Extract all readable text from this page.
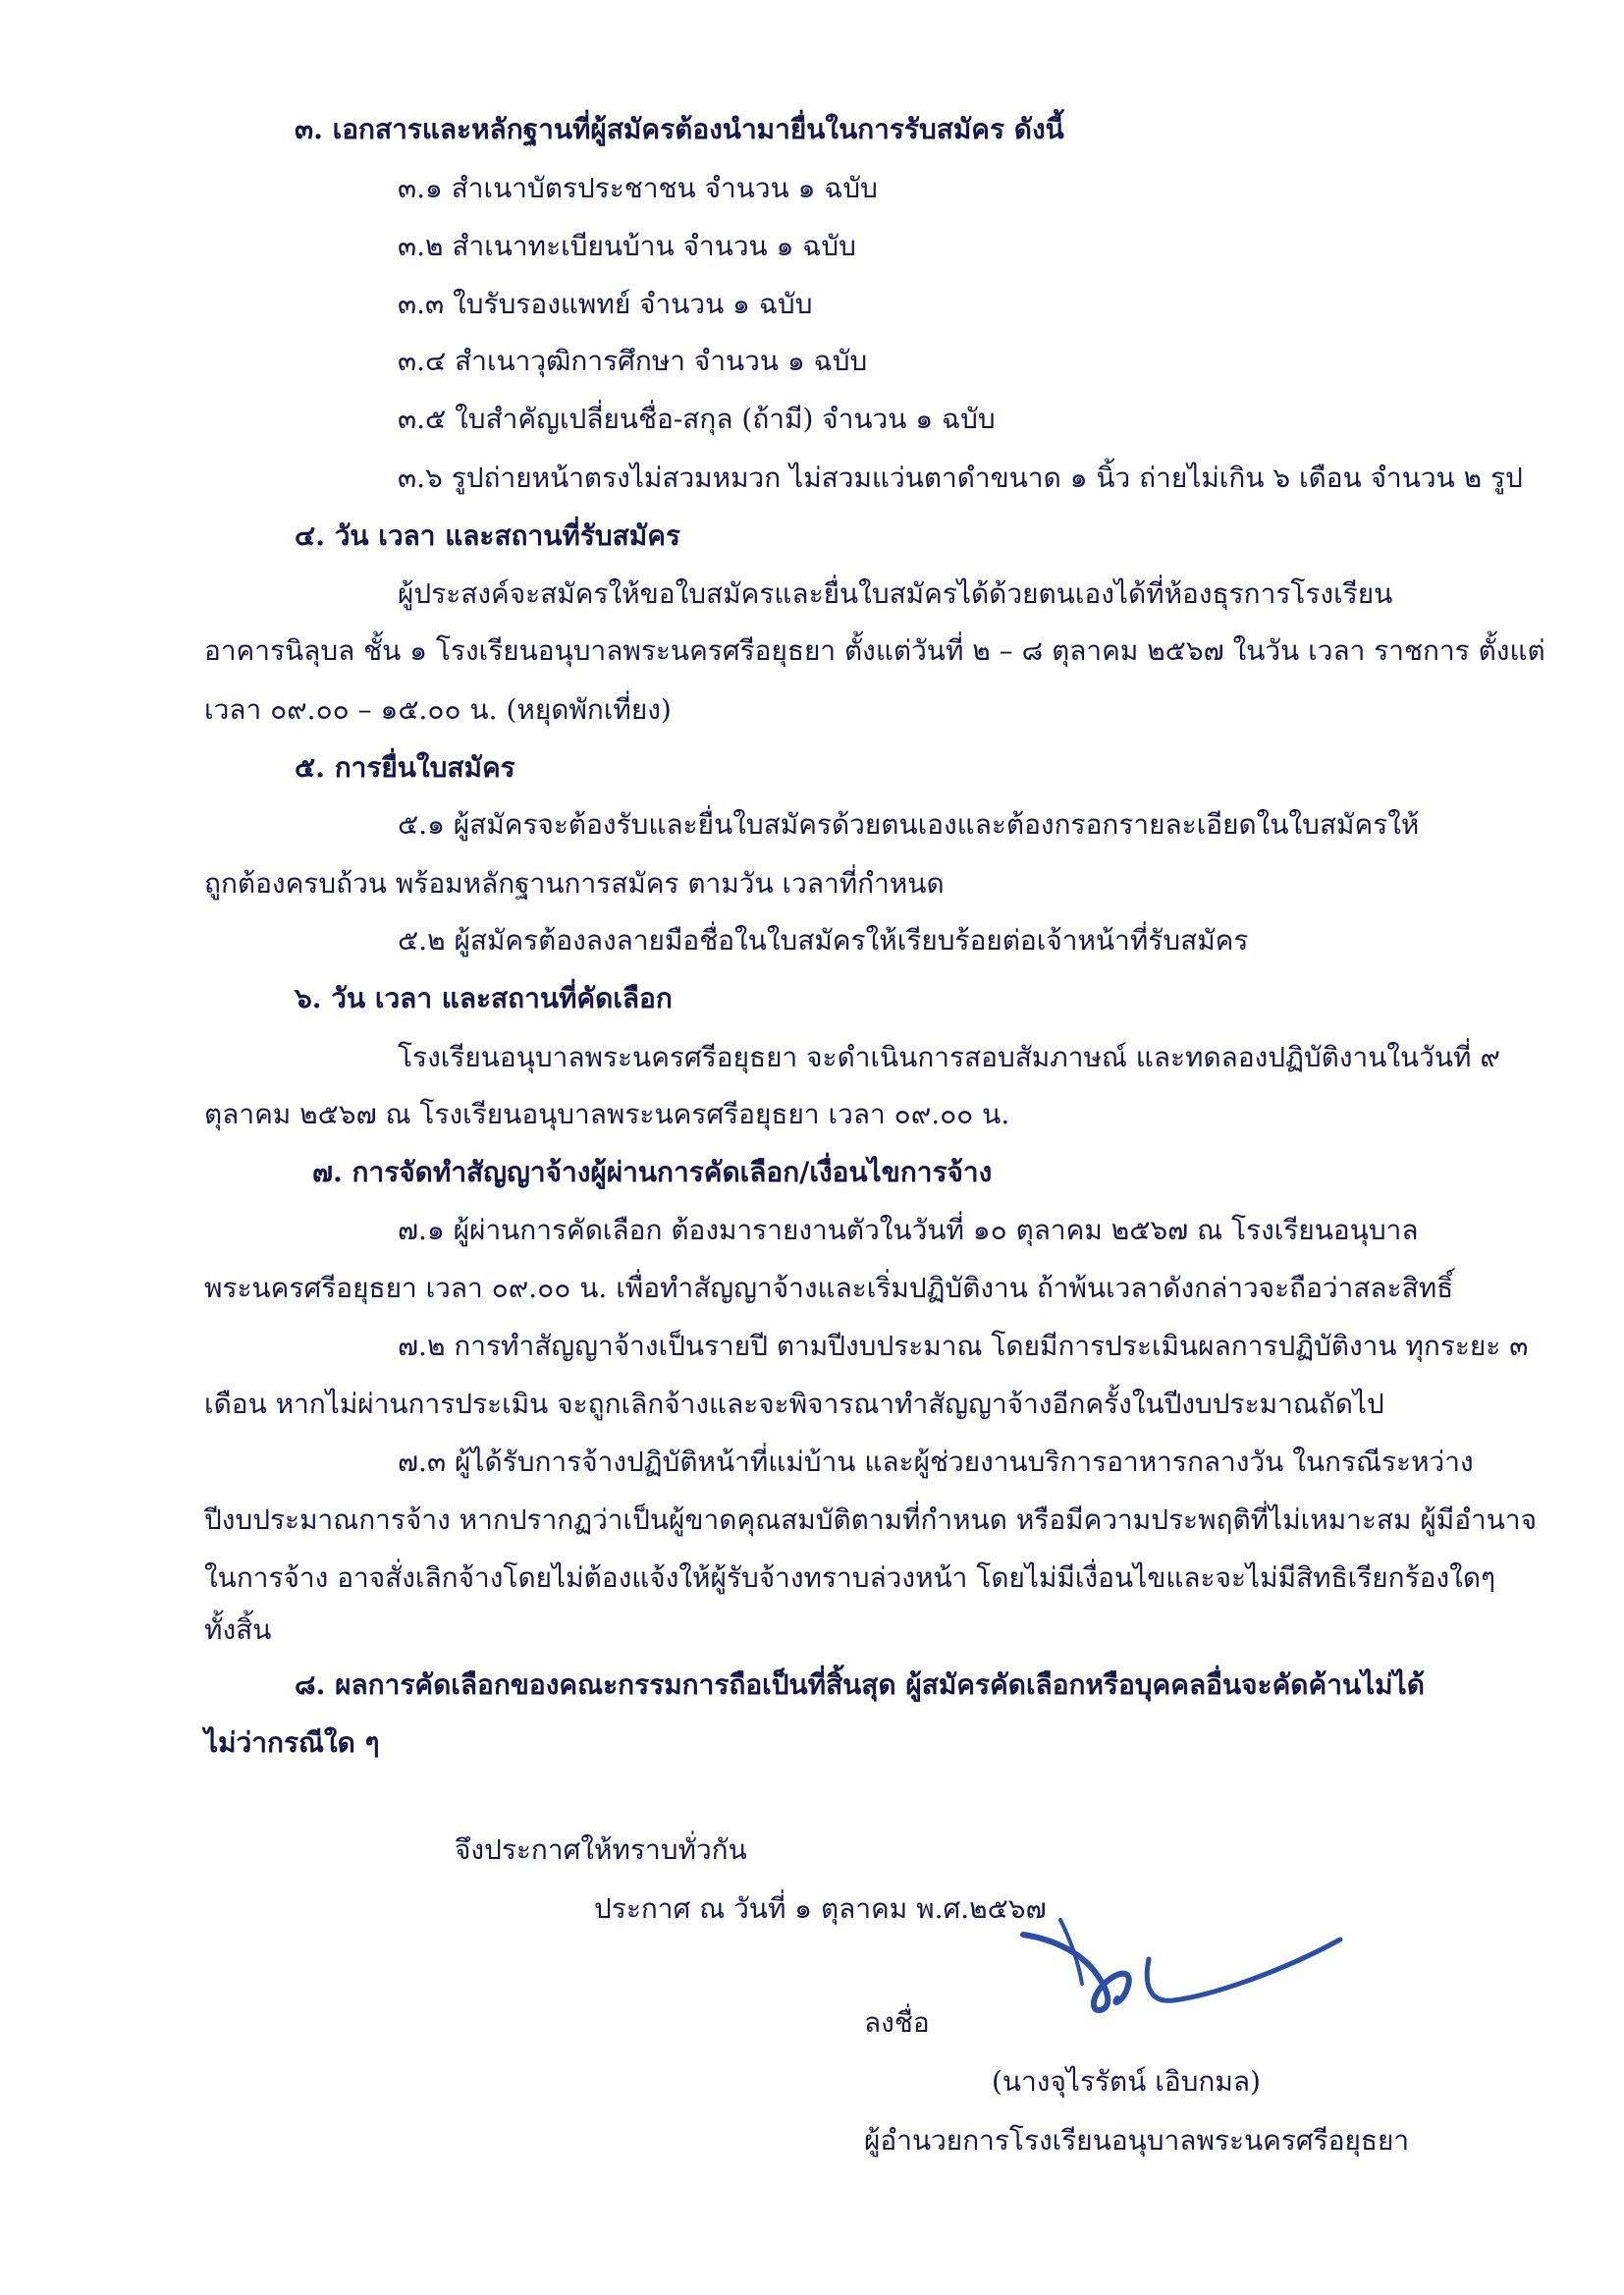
๓. เอกสารและหลักฐานที่ผู้สมัครต้องนำมายื่นในการรับสมัคร ดังนี้
๓.๑ สำเนาบัตรประชาชน จำนวน ๑ ฉบับ
๓.๒ สำเนาทะเบียนบ้าน จำนวน ๑ ฉบับ
๓.๓ ใบรับรองแพทย์ จำนวน ๑ ฉบับ
๓.๔ สำเนาวุฒิการศึกษา จำนวน ๑ ฉบับ
๓.๕ ใบสำคัญเปลี่ยนชื่อ-สกุล (ถ้ามี) จำนวน ๑ ฉบับ
๓.๖ รูปถ่ายหน้าตรงไม่สวมหมวก ไม่สวมแว่นตาดำขนาด ๑ นิ้ว ถ่ายไม่เกิน ๖ เดือน จำนวน ๒ รูป
๔. วัน เวลา และสถานที่รับสมัคร
ผู้ประสงค์จะสมัครให้ขอใบสมัครและยื่นใบสมัครได้ด้วยตนเองได้ที่ห้องธุรการโรงเรียน
อาคารนิลุบล ชั้น ๑ โรงเรียนอนุบาลพระนครศรีอยุธยา ตั้งแต่วันที่ ๒ – ๘ ตุลาคม ๒๕๖๗ ในวัน เวลา ราชการ ตั้งแต่
เวลา ๐๙.๐๐ – ๑๕.๐๐ น. (หยุดพักเที่ยง)
๕. การยื่นใบสมัคร
๕.๑ ผู้สมัครจะต้องรับและยื่นใบสมัครด้วยตนเองและต้องกรอกรายละเอียดในใบสมัครให้
ถูกต้องครบถ้วน พร้อมหลักฐานการสมัคร ตามวัน เวลาที่กำหนด
๕.๒ ผู้สมัครต้องลงลายมือชื่อในใบสมัครให้เรียบร้อยต่อเจ้าหน้าที่รับสมัคร
๖. วัน เวลา และสถานที่คัดเลือก
โรงเรียนอนุบาลพระนครศรีอยุธยา จะดำเนินการสอบสัมภาษณ์ และทดลองปฏิบัติงานในวันที่ ๙
ตุลาคม ๒๕๖๗ ณ โรงเรียนอนุบาลพระนครศรีอยุธยา เวลา ๐๙.๐๐ น.
๗. การจัดทำสัญญาจ้างผู้ผ่านการคัดเลือก/เงื่อนไขการจ้าง
๗.๑ ผู้ผ่านการคัดเลือก ต้องมารายงานตัวในวันที่ ๑๐ ตุลาคม ๒๕๖๗ ณ โรงเรียนอนุบาล
พระนครศรีอยุธยา เวลา ๐๙.๐๐ น. เพื่อทำสัญญาจ้างและเริ่มปฏิบัติงาน ถ้าพ้นเวลาดังกล่าวจะถือว่าสละสิทธิ์
๗.๒ การทำสัญญาจ้างเป็นรายปี ตามปีงบประมาณ โดยมีการประเมินผลการปฏิบัติงาน ทุกระยะ ๓
เดือน หากไม่ผ่านการประเมิน จะถูกเลิกจ้างและจะพิจารณาทำสัญญาจ้างอีกครั้งในปีงบประมาณถัดไป
๗.๓ ผู้ได้รับการจ้างปฏิบัติหน้าที่แม่บ้าน และผู้ช่วยงานบริการอาหารกลางวัน ในกรณีระหว่าง
ปีงบประมาณการจ้าง หากปรากฏว่าเป็นผู้ขาดคุณสมบัติตามที่กำหนด หรือมีความประพฤติที่ไม่เหมาะสม ผู้มีอำนาจ
ในการจ้าง อาจสั่งเลิกจ้างโดยไม่ต้องแจ้งให้ผู้รับจ้างทราบล่วงหน้า โดยไม่มีเงื่อนไขและจะไม่มีสิทธิเรียกร้องใดๆ
ทั้งสิ้น
๘. ผลการคัดเลือกของคณะกรรมการถือเป็นที่สิ้นสุด ผู้สมัครคัดเลือกหรือบุคคลอื่นจะคัดค้านไม่ได้
ไม่ว่ากรณีใด ๆ
จึงประกาศให้ทราบทั่วกัน
ประกาศ ณ วันที่ ๑ ตุลาคม พ.ศ.๒๕๖๗
ลงชื่อ
(นางจุไรรัตน์ เอิบกมล)
ผู้อำนวยการโรงเรียนอนุบาลพระนครศรีอยุธยา
